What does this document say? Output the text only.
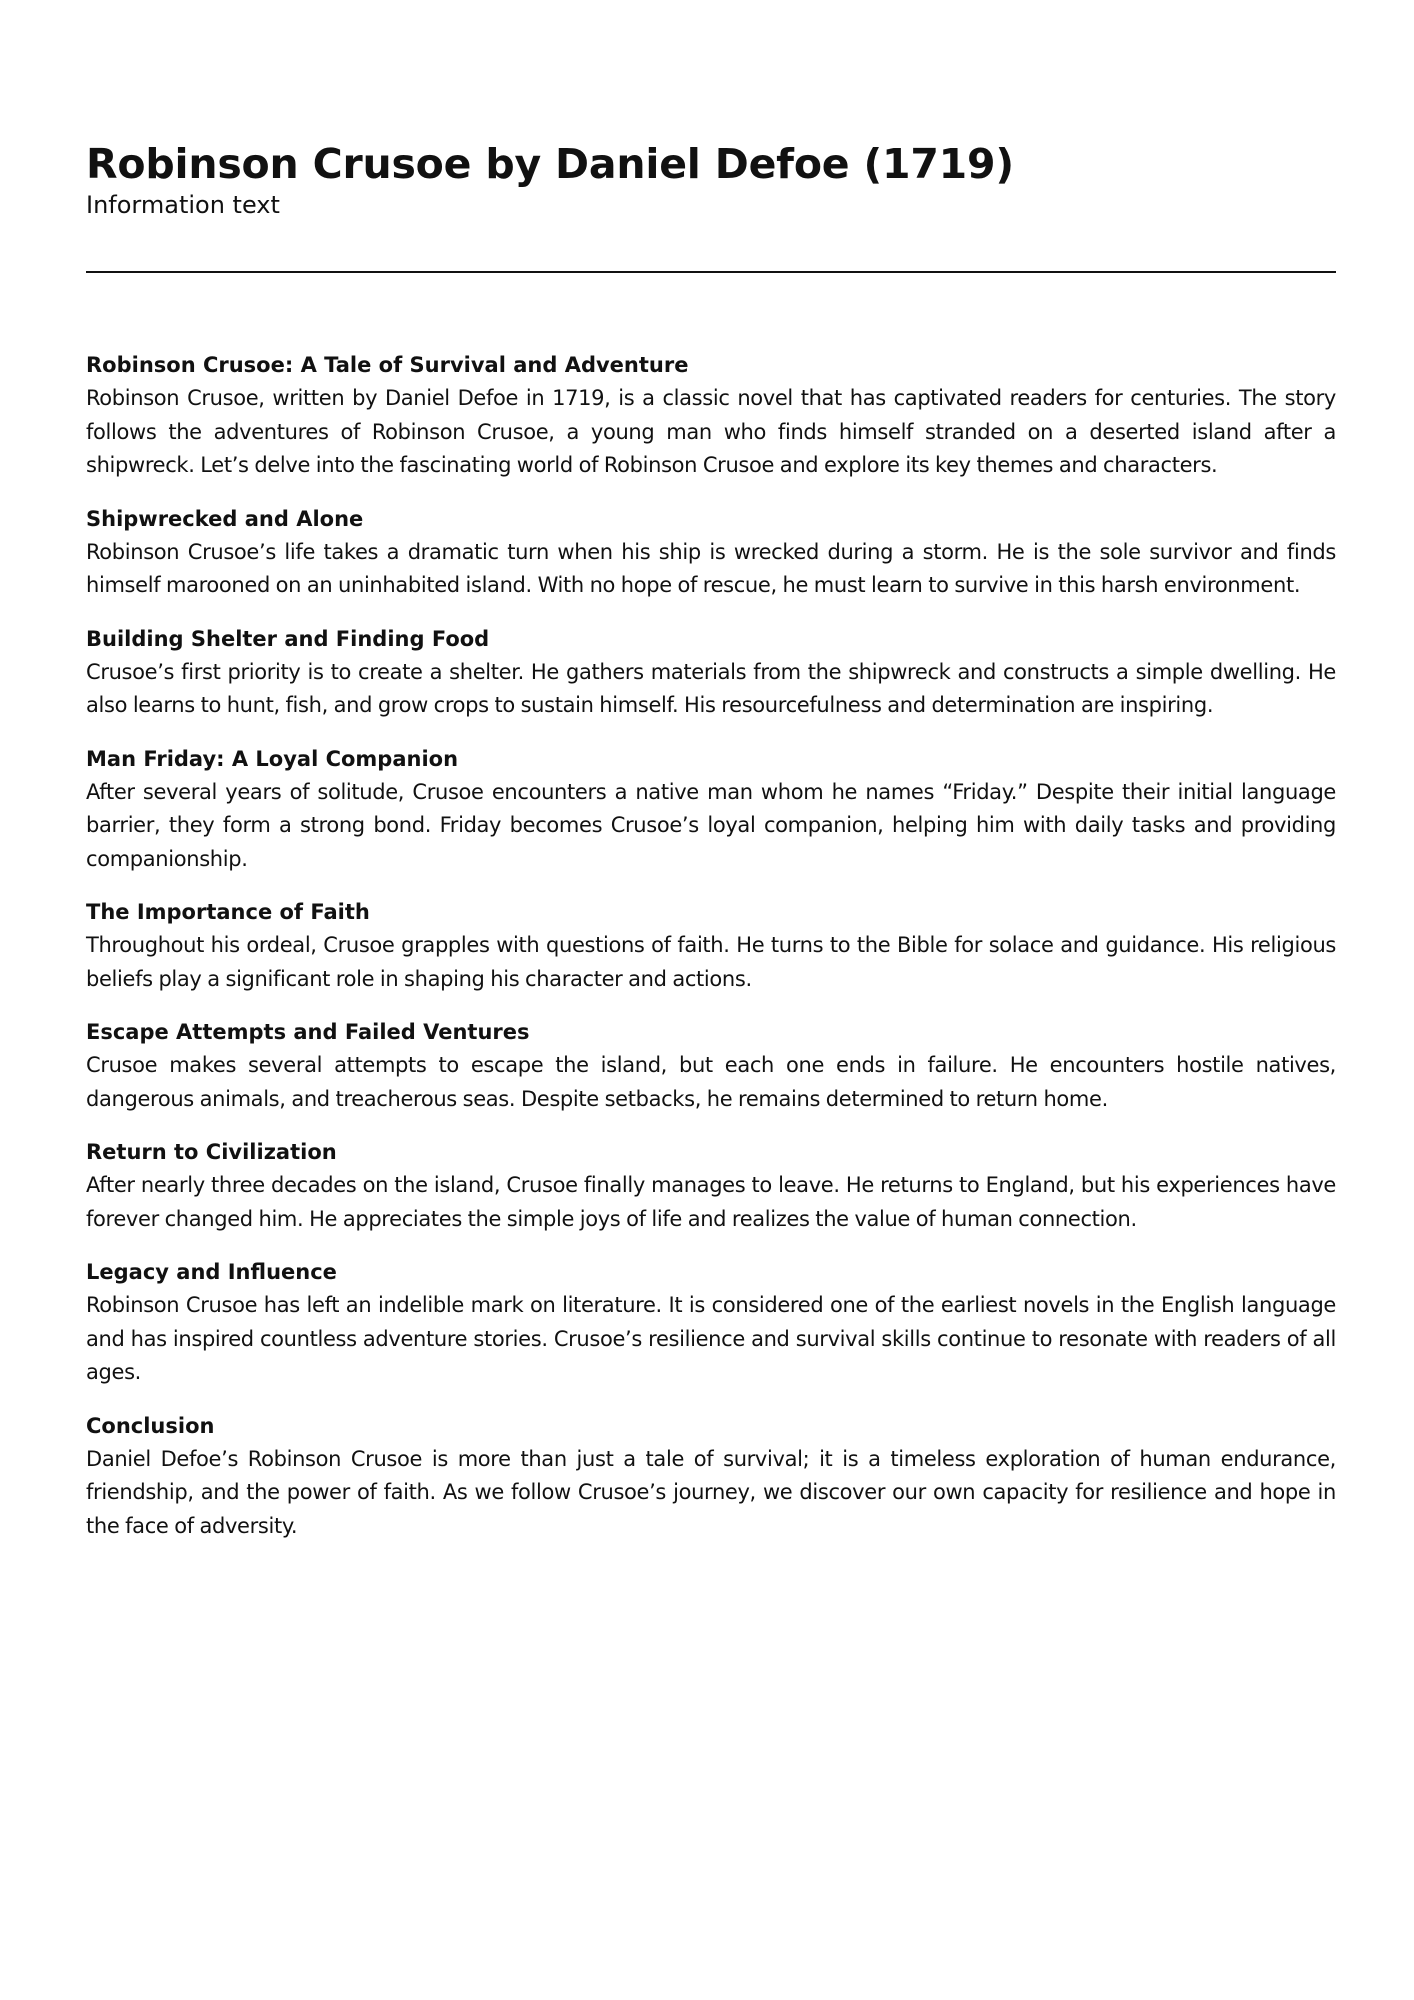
Robinson Crusoe by Daniel Defoe (1719)
Information text
Robinson Crusoe: A Tale of Survival and Adventure

Robinson Crusoe, written by Daniel Defoe in 1719, is a classic novel that has captivated readers for centuries. The story follows the adventures of Robinson Crusoe, a young man who finds himself stranded on a deserted island after a shipwreck. Let’s delve into the fascinating world of Robinson Crusoe and explore its key themes and characters.

Shipwrecked and Alone

Robinson Crusoe’s life takes a dramatic turn when his ship is wrecked during a storm. He is the sole survivor and finds himself marooned on an uninhabited island. With no hope of rescue, he must learn to survive in this harsh environment.

Building Shelter and Finding Food

Crusoe’s first priority is to create a shelter. He gathers materials from the shipwreck and constructs a simple dwelling. He also learns to hunt, fish, and grow crops to sustain himself. His resourcefulness and determination are inspiring.

Man Friday: A Loyal Companion

After several years of solitude, Crusoe encounters a native man whom he names “Friday.” Despite their initial language barrier, they form a strong bond. Friday becomes Crusoe’s loyal companion, helping him with daily tasks and providing companionship.

The Importance of Faith

Throughout his ordeal, Crusoe grapples with questions of faith. He turns to the Bible for solace and guidance. His religious beliefs play a significant role in shaping his character and actions.

Escape Attempts and Failed Ventures

Crusoe makes several attempts to escape the island, but each one ends in failure. He encounters hostile natives, dangerous animals, and treacherous seas. Despite setbacks, he remains determined to return home.

Return to Civilization

After nearly three decades on the island, Crusoe finally manages to leave. He returns to England, but his experiences have forever changed him. He appreciates the simple joys of life and realizes the value of human connection.

Legacy and Influence

Robinson Crusoe has left an indelible mark on literature. It is considered one of the earliest novels in the English language and has inspired countless adventure stories. Crusoe’s resilience and survival skills continue to resonate with readers of all ages.

Conclusion

Daniel Defoe’s Robinson Crusoe is more than just a tale of survival; it is a timeless exploration of human endurance, friendship, and the power of faith. As we follow Crusoe’s journey, we discover our own capacity for resilience and hope in the face of adversity.
